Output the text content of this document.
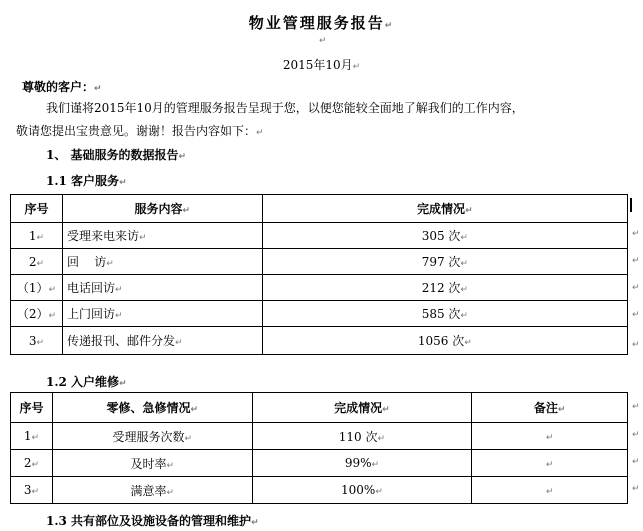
物业管理服务报告↵
↵
2015年10月↵
尊敬的客户：↵
我们谨将2015年10月的管理服务报告呈现于您，以便您能较全面地了解我们的工作内容，
敬请您提出宝贵意见。谢谢！报告内容如下：↵
1、 基础服务的数据报告↵
1.1 客户服务↵
序号	服务内容↵	完成情况↵
1↵	受理来电来访↵	305 次↵
2↵	回    访↵	797 次↵
（1）↵	电话回访↵	212 次↵
（2）↵	上门回访↵	585 次↵
3↵	传递报刊、邮件分发↵	1056 次↵
↵
↵
↵
↵
↵
1.2 入户维修↵
序号	零修、急修情况↵	完成情况↵	备注↵
1↵	受理服务次数↵	110 次↵	↵
2↵	及时率↵	99%↵	↵
3↵	满意率↵	100%↵	↵
↵
↵
↵
↵
1.3 共有部位及设施设备的管理和维护↵
